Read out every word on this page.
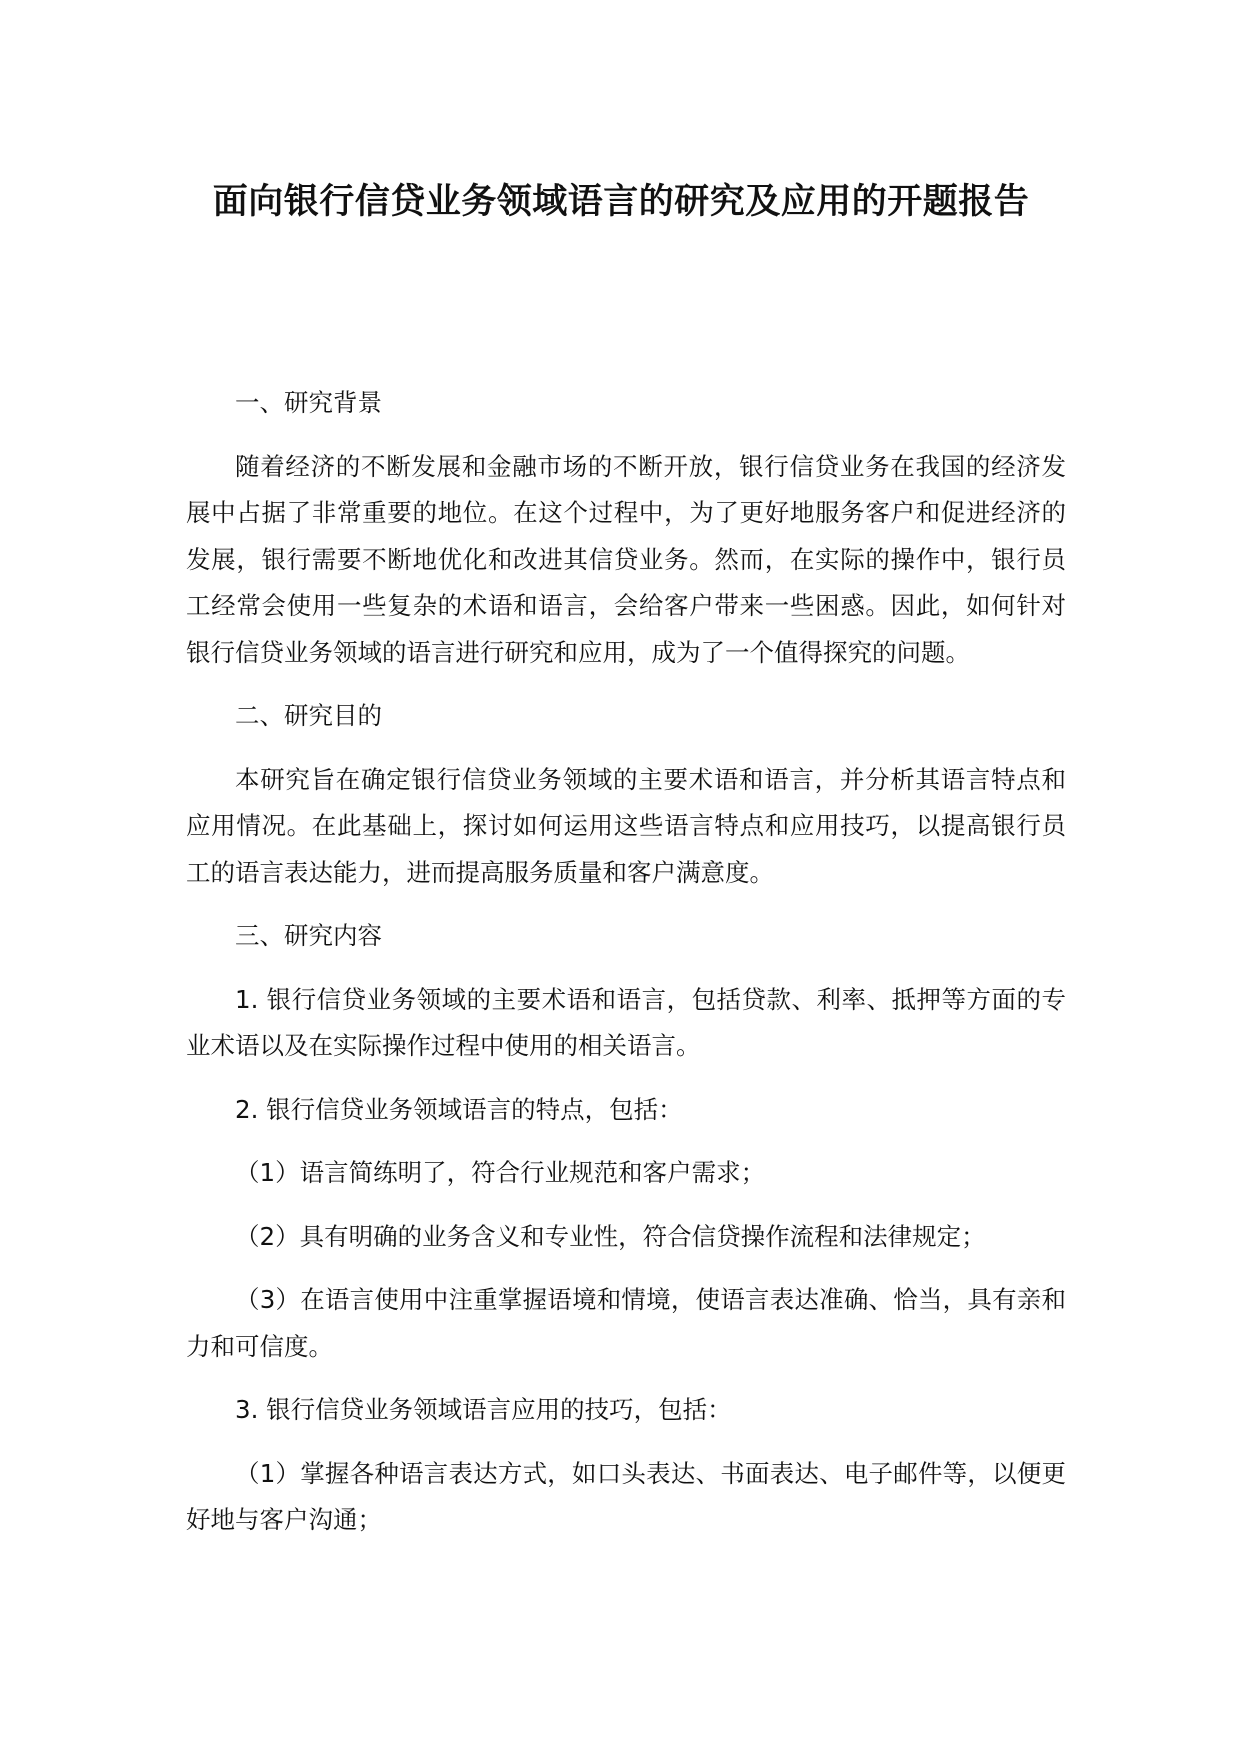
面向银行信贷业务领域语言的研究及应用的开题报告

一、研究背景

随着经济的不断发展和金融市场的不断开放，银行信贷业务在我国的经济发展中占据了非常重要的地位。在这个过程中，为了更好地服务客户和促进经济的发展，银行需要不断地优化和改进其信贷业务。然而，在实际的操作中，银行员工经常会使用一些复杂的术语和语言，会给客户带来一些困惑。因此，如何针对银行信贷业务领域的语言进行研究和应用，成为了一个值得探究的问题。

二、研究目的

本研究旨在确定银行信贷业务领域的主要术语和语言，并分析其语言特点和应用情况。在此基础上，探讨如何运用这些语言特点和应用技巧，以提高银行员工的语言表达能力，进而提高服务质量和客户满意度。

三、研究内容

1. 银行信贷业务领域的主要术语和语言，包括贷款、利率、抵押等方面的专业术语以及在实际操作过程中使用的相关语言。

2. 银行信贷业务领域语言的特点，包括：

（1）语言简练明了，符合行业规范和客户需求；

（2）具有明确的业务含义和专业性，符合信贷操作流程和法律规定；

（3）在语言使用中注重掌握语境和情境，使语言表达准确、恰当，具有亲和力和可信度。

3. 银行信贷业务领域语言应用的技巧，包括：

（1）掌握各种语言表达方式，如口头表达、书面表达、电子邮件等，以便更好地与客户沟通；
